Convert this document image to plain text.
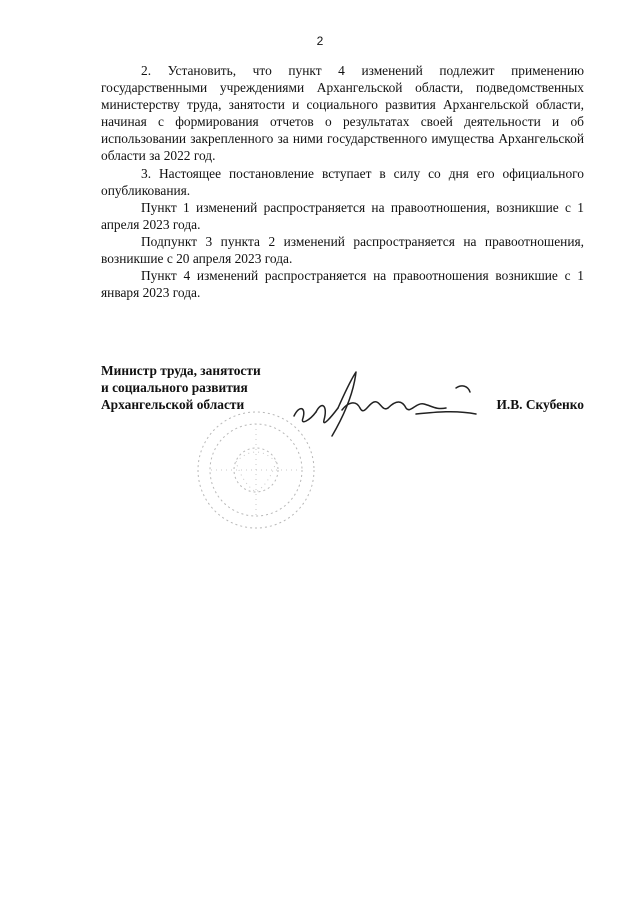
2

2. Установить, что пункт 4 изменений подлежит применению государственными учреждениями Архангельской области, подведомственных министерству труда, занятости и социального развития Архангельской области, начиная с формирования отчетов о результатах своей деятельности и об использовании закрепленного за ними государственного имущества Архангельской области за 2022 год.

3. Настоящее постановление вступает в силу со дня его официального опубликования.

Пункт 1 изменений распространяется на правоотношения, возникшие с 1 апреля 2023 года.

Подпункт 3 пункта 2 изменений распространяется на правоотношения, возникшие с 20 апреля 2023 года.

Пункт 4 изменений распространяется на правоотношения возникшие с 1 января 2023 года.

Министр труда, занятости
и социального развития
Архангельской области	И.В. Скубенко
